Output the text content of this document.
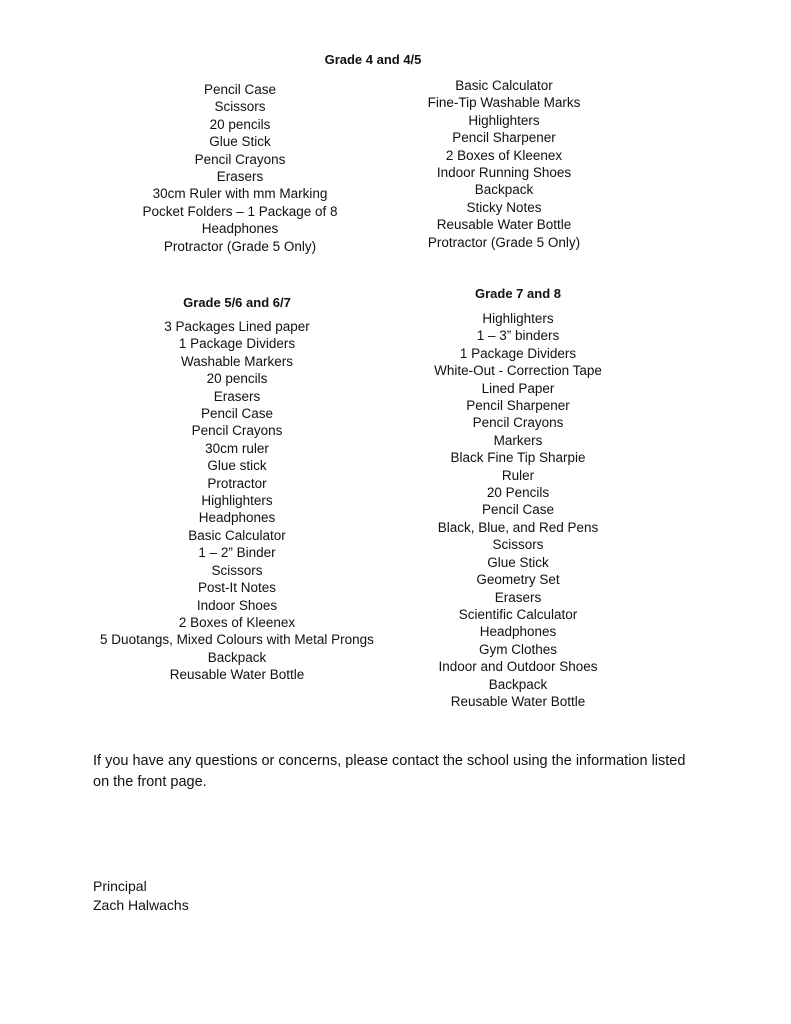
Grade 4 and 4/5
Pencil Case
Scissors
20 pencils
Glue Stick
Pencil Crayons
Erasers
30cm Ruler with mm Marking
Pocket Folders – 1 Package of 8
Headphones
Protractor (Grade 5 Only)
Basic Calculator
Fine-Tip Washable Marks
Highlighters
Pencil Sharpener
2 Boxes of Kleenex
Indoor Running Shoes
Backpack
Sticky Notes
Reusable Water Bottle
Protractor (Grade 5 Only)
Grade 5/6 and 6/7
3 Packages Lined paper
1 Package Dividers
Washable Markers
20 pencils
Erasers
Pencil Case
Pencil Crayons
30cm ruler
Glue stick
Protractor
Highlighters
Headphones
Basic Calculator
1 – 2” Binder
Scissors
Post-It Notes
Indoor Shoes
2 Boxes of Kleenex
5 Duotangs, Mixed Colours with Metal Prongs
Backpack
Reusable Water Bottle
Grade 7 and 8
Highlighters
1 – 3” binders
1 Package Dividers
White-Out - Correction Tape
Lined Paper
Pencil Sharpener
Pencil Crayons
Markers
Black Fine Tip Sharpie
Ruler
20 Pencils
Pencil Case
Black, Blue, and Red Pens
Scissors
Glue Stick
Geometry Set
Erasers
Scientific Calculator
Headphones
Gym Clothes
Indoor and Outdoor Shoes
Backpack
Reusable Water Bottle

If you have any questions or concerns, please contact the school using the information listed on the front page.

Principal
Zach Halwachs
